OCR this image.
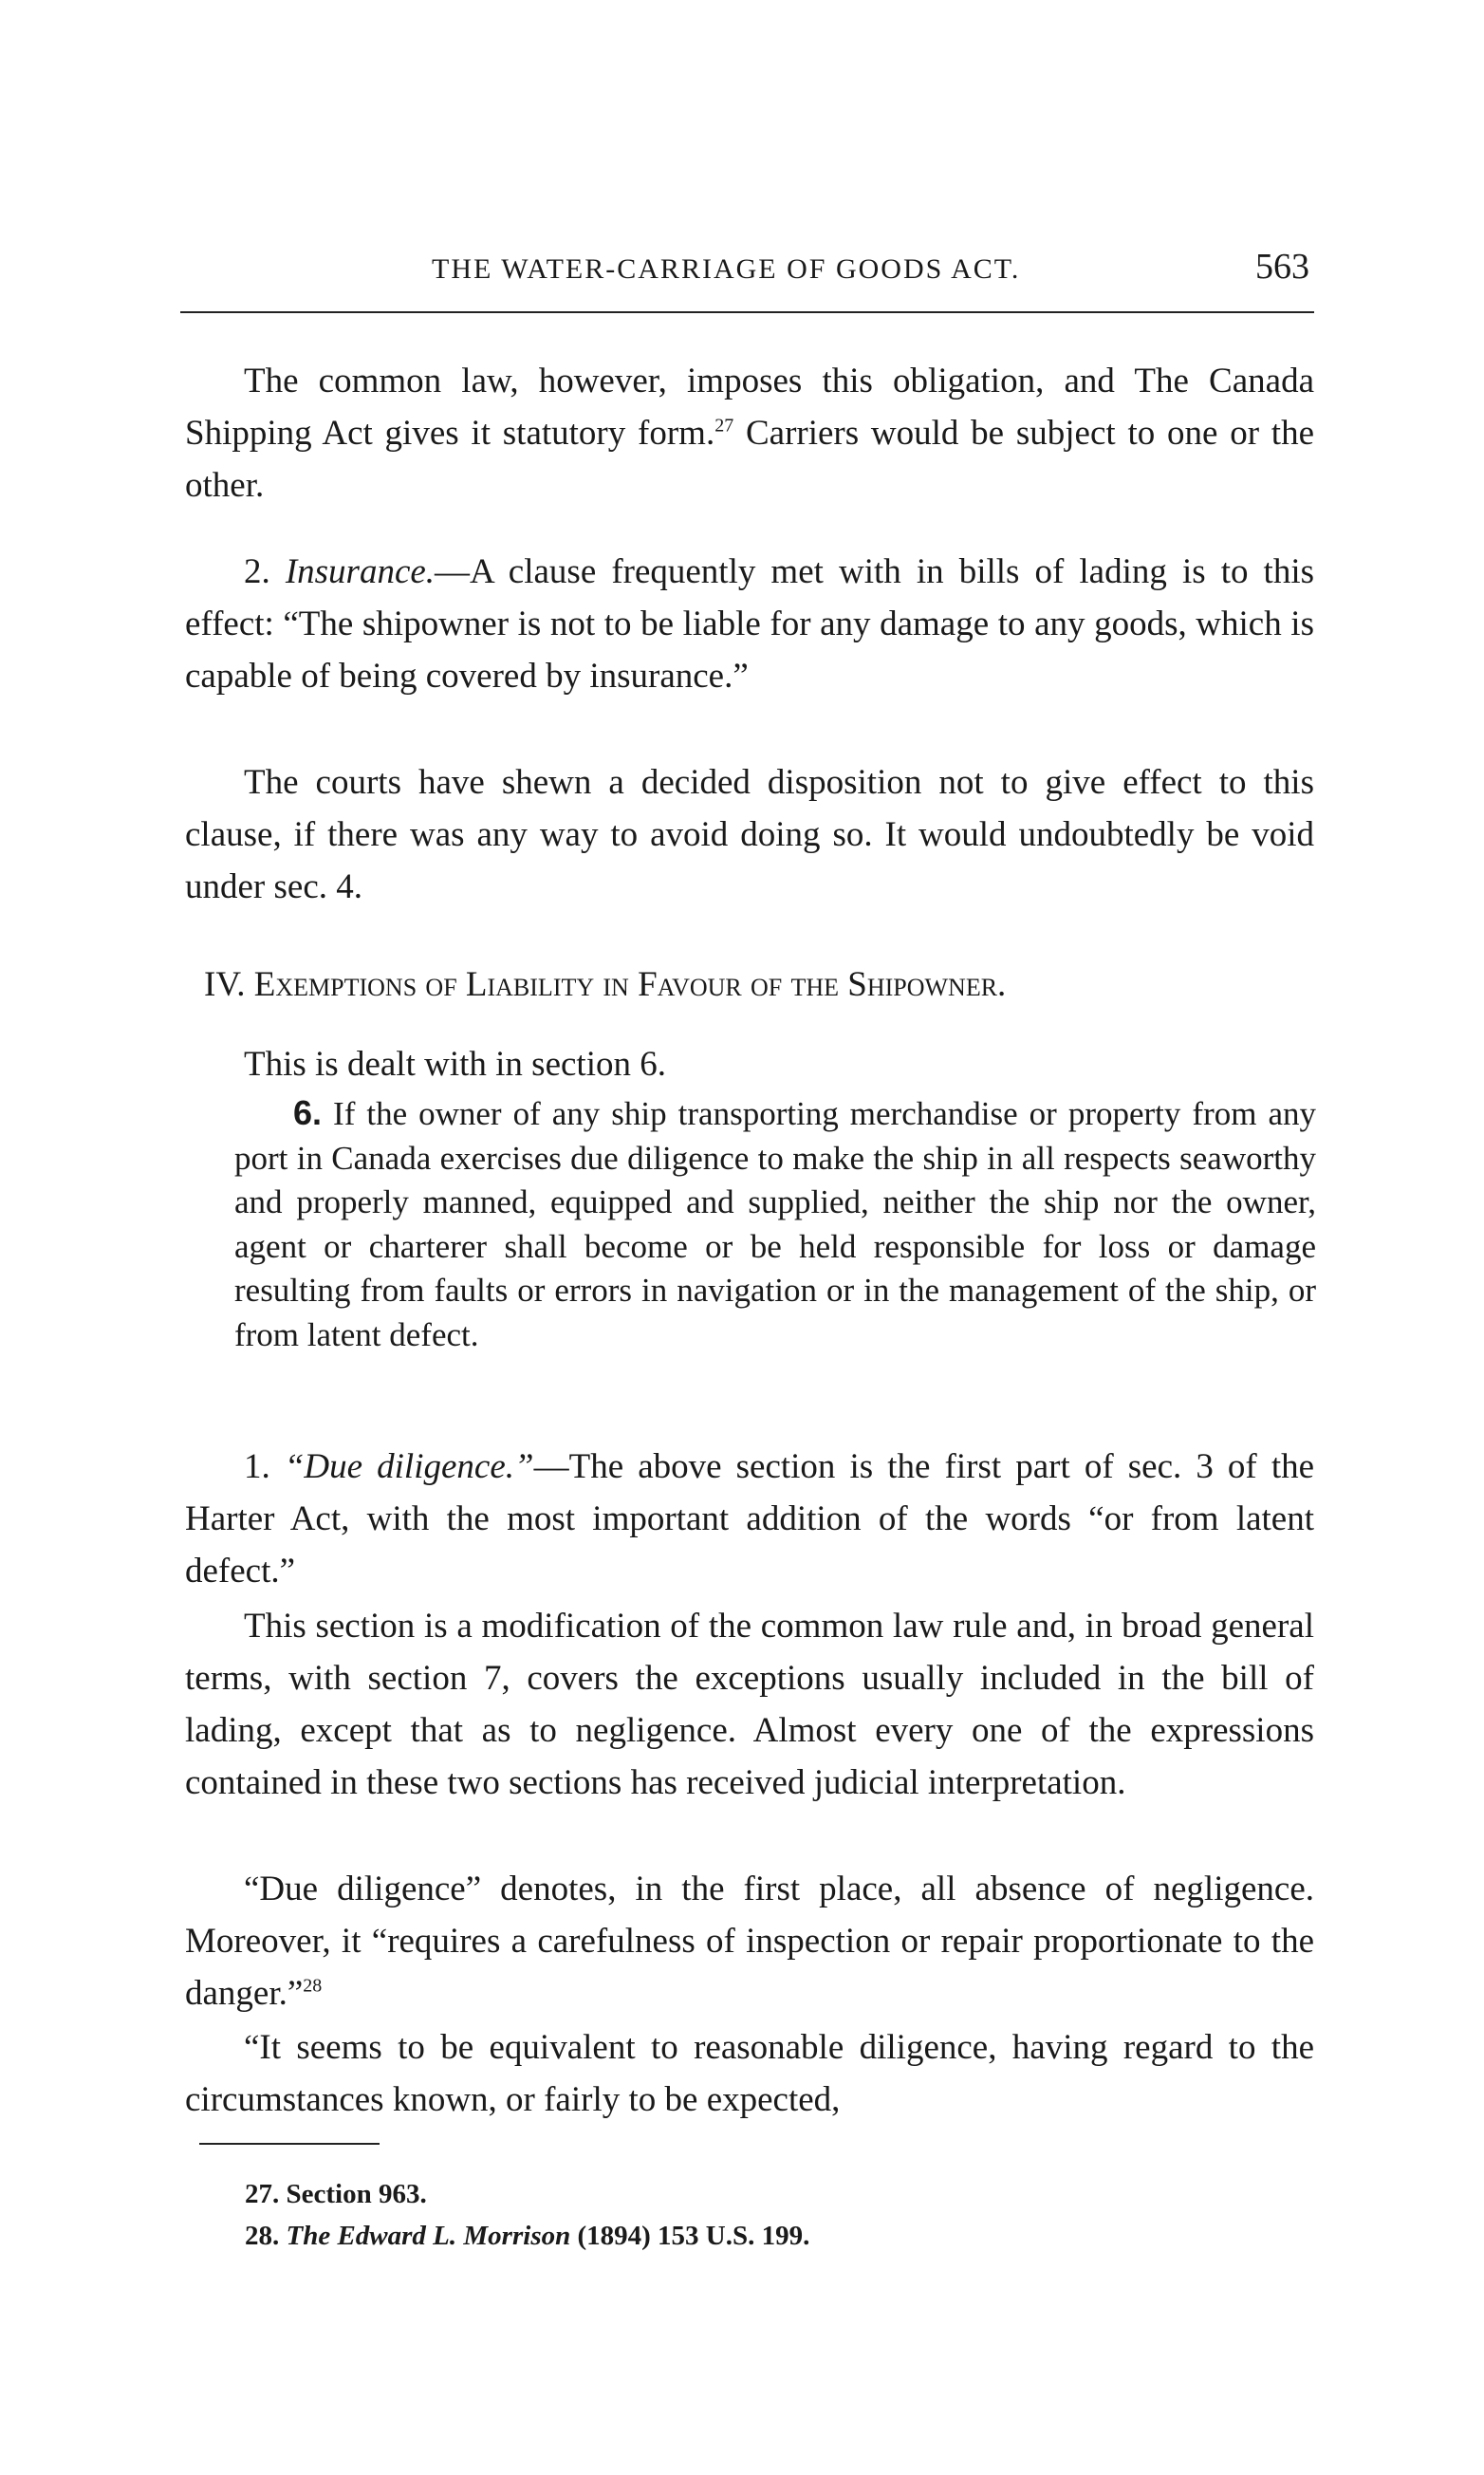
THE WATER-CARRIAGE OF GOODS ACT.	563
The common law, however, imposes this obligation, and The Canada Shipping Act gives it statutory form.$^{27}$ Carriers would be subject to one or the other.
2. Insurance.—A clause frequently met with in bills of lading is to this effect: “The shipowner is not to be liable for any damage to any goods, which is capable of being covered by insurance.”
The courts have shewn a decided disposition not to give effect to this clause, if there was any way to avoid doing so. It would undoubtedly be void under sec. 4.
IV. Exemptions of Liability in Favour of the Shipowner.
This is dealt with in section 6.
6. If the owner of any ship transporting merchandise or property from any port in Canada exercises due diligence to make the ship in all respects seaworthy and properly manned, equipped and supplied, neither the ship nor the owner, agent or charterer shall become or be held responsible for loss or damage resulting from faults or errors in navigation or in the management of the ship, or from latent defect.
1. “Due diligence.”—The above section is the first part of sec. 3 of the Harter Act, with the most important addition of the words “or from latent defect.”
This section is a modification of the common law rule and, in broad general terms, with section 7, covers the exceptions usually included in the bill of lading, except that as to negligence. Almost every one of the expressions contained in these two sections has received judicial interpretation.
“Due diligence” denotes, in the first place, all absence of negligence. Moreover, it “requires a carefulness of inspection or repair proportionate to the danger.”$^{28}$
“It seems to be equivalent to reasonable diligence, having regard to the circumstances known, or fairly to be expected,
27. Section 963.
28. The Edward L. Morrison (1894) 153 U.S. 199.
